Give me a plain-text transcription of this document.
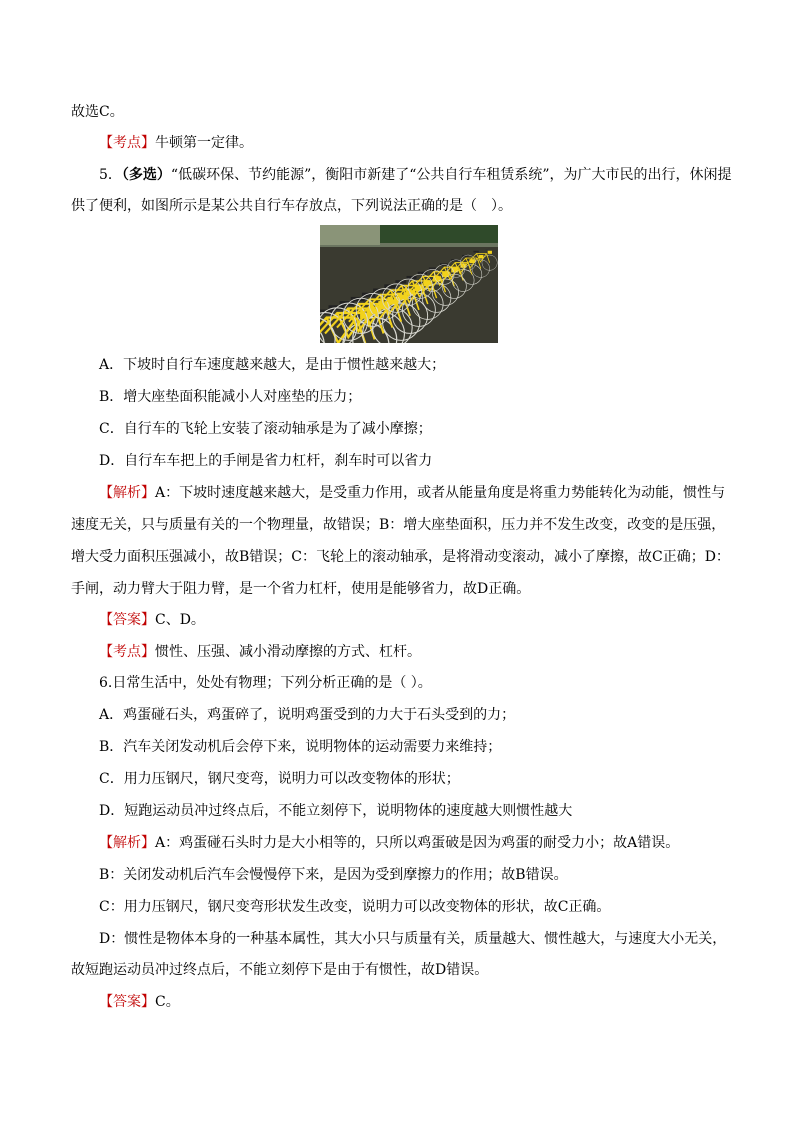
故选C。
【考点】牛顿第一定律。
5．（多选）“低碳环保、节约能源”，衡阳市新建了“公共自行车租赁系统”，为广大市民的出行，休闲提
供了便利，如图所示是某公共自行车存放点，下列说法正确的是（　）。
A．下坡时自行车速度越来越大，是由于惯性越来越大；
B．增大座垫面积能减小人对座垫的压力；
C．自行车的飞轮上安装了滚动轴承是为了减小摩擦；
D．自行车车把上的手闸是省力杠杆，刹车时可以省力
【解析】A：下坡时速度越来越大，是受重力作用，或者从能量角度是将重力势能转化为动能，惯性与
速度无关，只与质量有关的一个物理量，故错误；B：增大座垫面积，压力并不发生改变，改变的是压强，
增大受力面积压强减小，故B错误；C：飞轮上的滚动轴承，是将滑动变滚动，减小了摩擦，故C正确；D：
手闸，动力臂大于阻力臂，是一个省力杠杆，使用是能够省力，故D正确。
【答案】C、D。
【考点】惯性、压强、减小滑动摩擦的方式、杠杆。
6.日常生活中，处处有物理；下列分析正确的是（ ）。
A．鸡蛋碰石头，鸡蛋碎了，说明鸡蛋受到的力大于石头受到的力；
B．汽车关闭发动机后会停下来，说明物体的运动需要力来维持；
C．用力压钢尺，钢尺变弯，说明力可以改变物体的形状；
D．短跑运动员冲过终点后，不能立刻停下，说明物体的速度越大则惯性越大
【解析】A：鸡蛋碰石头时力是大小相等的，只所以鸡蛋破是因为鸡蛋的耐受力小；故A错误。
B：关闭发动机后汽车会慢慢停下来，是因为受到摩擦力的作用；故B错误。
C：用力压钢尺，钢尺变弯形状发生改变，说明力可以改变物体的形状，故C正确。
D：惯性是物体本身的一种基本属性，其大小只与质量有关，质量越大、惯性越大，与速度大小无关，
故短跑运动员冲过终点后，不能立刻停下是由于有惯性，故D错误。
【答案】C。
